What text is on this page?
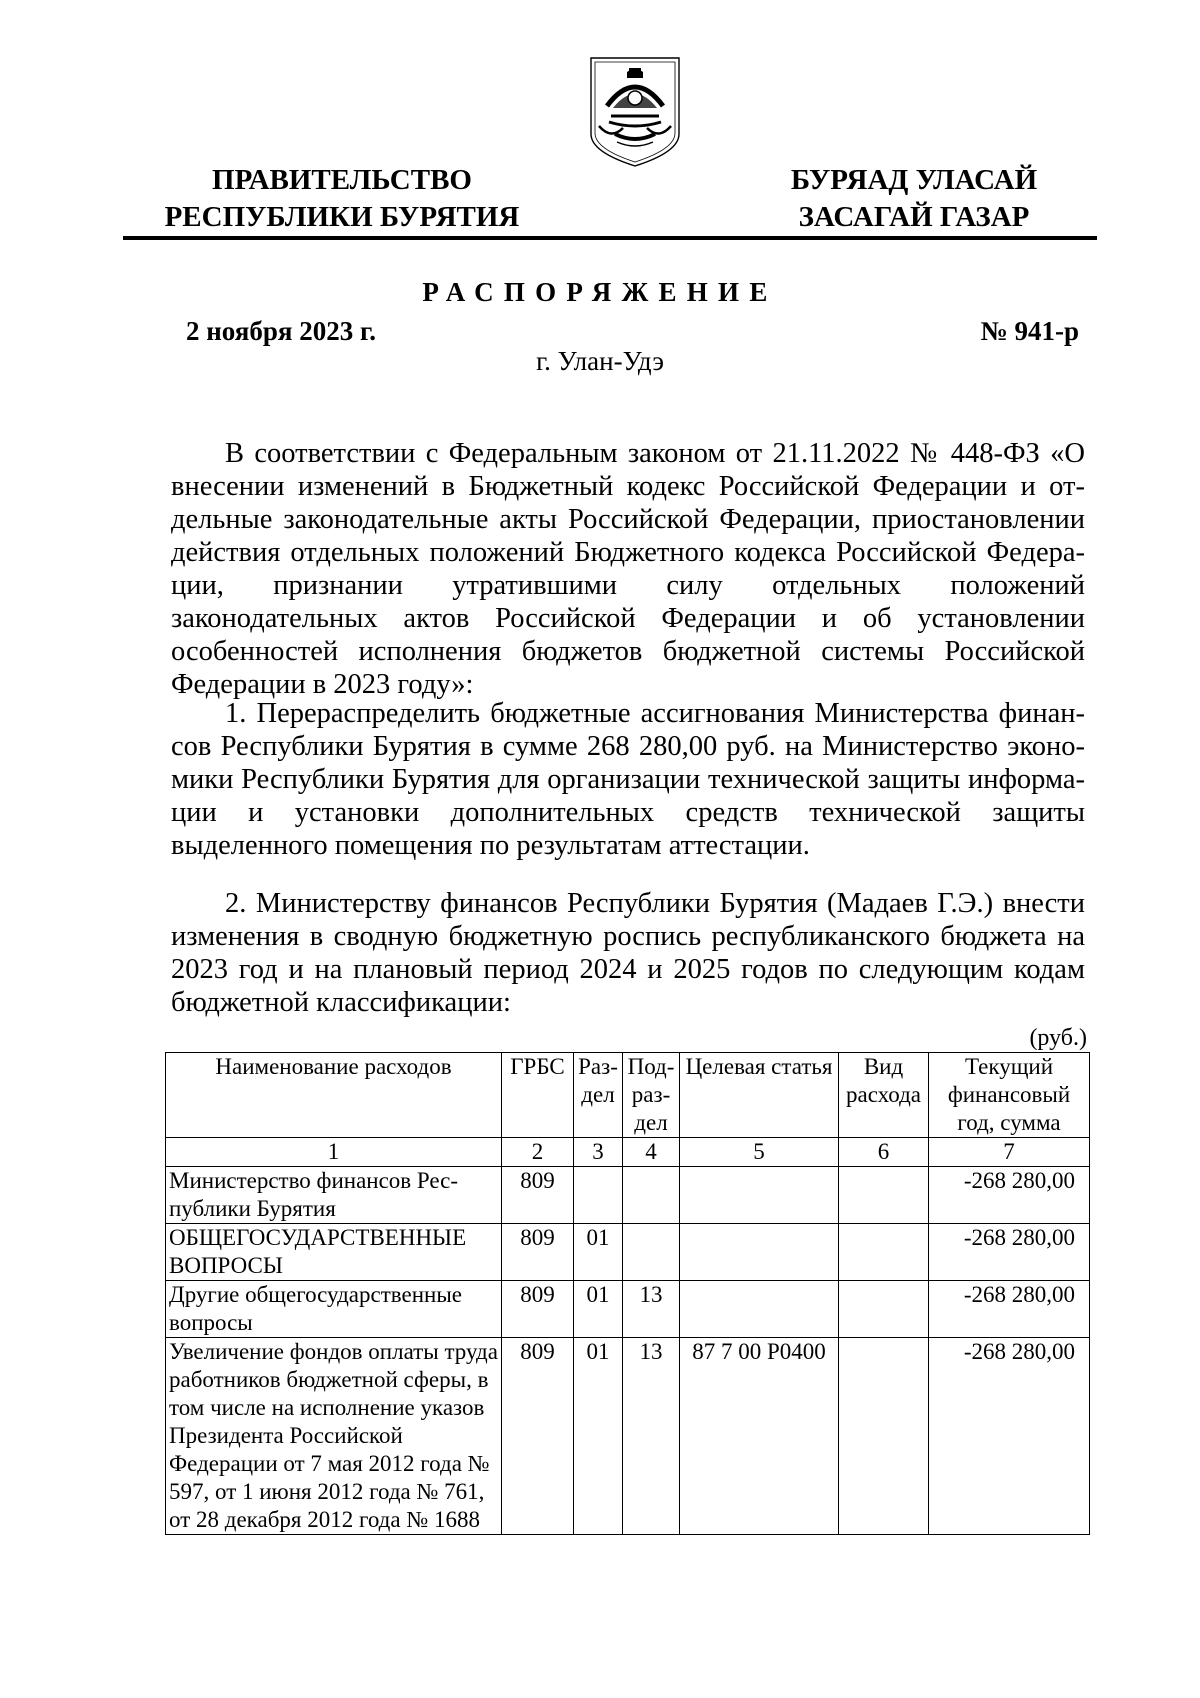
ПРАВИТЕЛЬСТВО
РЕСПУБЛИКИ БУРЯТИЯ
БУРЯАД УЛАСАЙ
ЗАСАГАЙ ГАЗАР
РАСПОРЯЖЕНИЕ
2 ноября 2023 г.	№ 941-р
г. Улан-Удэ
В соответствии с Федеральным законом от 21.11.2022 № 448-ФЗ «О внесении изменений в Бюджетный кодекс Российской Федерации и отдельные законодательные акты Российской Федерации, приостановлении действия отдельных положений Бюджетного кодекса Российской Федерации, признании утратившими силу отдельных положений законодательных актов Российской Федерации и об установлении особенностей исполнения бюджетов бюджетной системы Российской Федерации в 2023 году»:
1. Перераспределить бюджетные ассигнования Министерства финансов Республики Бурятия в сумме 268 280,00 руб. на Министерство экономики Республики Бурятия для организации технической защиты информации и установки дополнительных средств технической защиты выделенного помещения по результатам аттестации.
2. Министерству финансов Республики Бурятия (Мадаев Г.Э.) внести изменения в сводную бюджетную роспись республиканского бюджета на 2023 год и на плановый период 2024 и 2025 годов по следующим кодам бюджетной классификации:
(руб.)
Наименование расходов	ГРБС	Раздел	Подраздел	Целевая статья	Вид расхода	Текущий финансовый год, сумма
1	2	3	4	5	6	7
Министерство финансов Республики Бурятия	809					-268 280,00
ОБЩЕГОСУДАРСТВЕННЫЕ ВОПРОСЫ	809	01				-268 280,00
Другие общегосударственные вопросы	809	01	13			-268 280,00
Увеличение фондов оплаты труда работников бюджетной сферы, в том числе на исполнение указов Президента Российской Федерации от 7 мая 2012 года № 597, от 1 июня 2012 года № 761, от 28 декабря 2012 года № 1688	809	01	13	87 7 00 Р0400		-268 280,00
